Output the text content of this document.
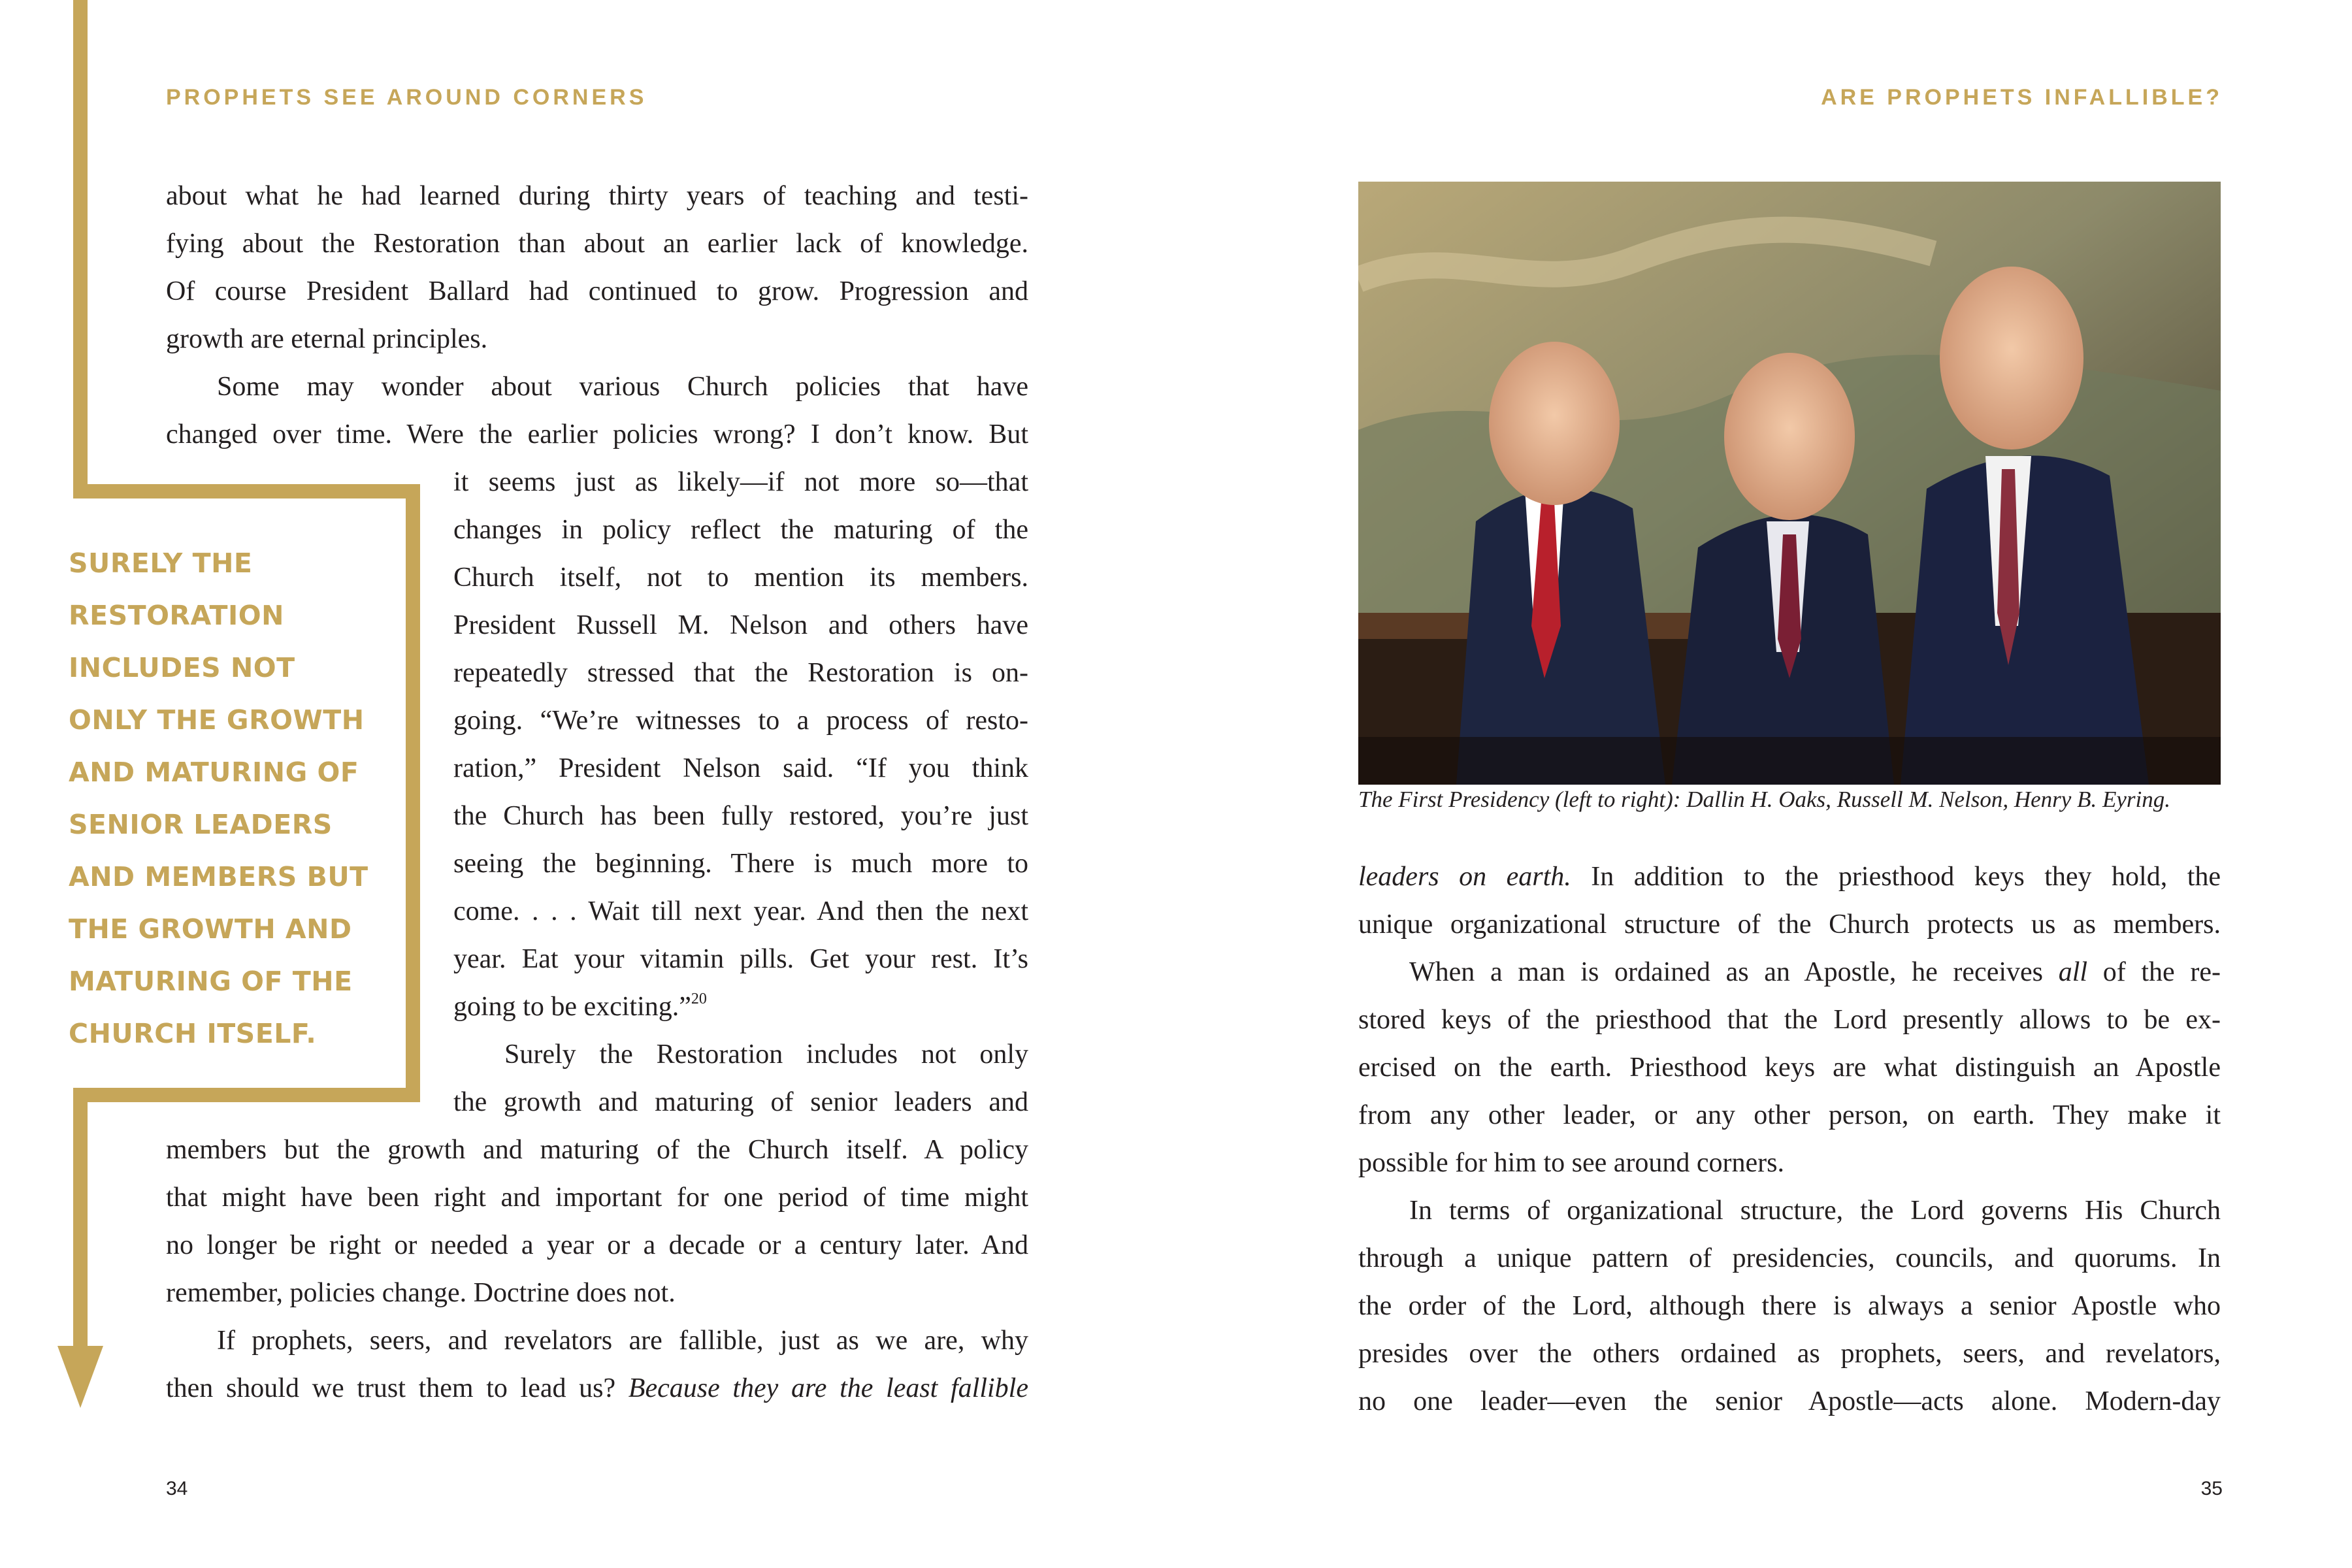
PROPHETS SEE AROUND CORNERS
about what he had learned during thirty years of teaching and testi-
fying about the Restoration than about an earlier lack of knowledge.
Of course President Ballard had continued to grow. Progression and
growth are eternal principles.
Some may wonder about various Church policies that have
changed over time. Were the earlier policies wrong? I don’t know. But
it seems just as likely—if not more so—that
changes in policy reflect the maturing of the
Church itself, not to mention its members.
President Russell M. Nelson and others have
repeatedly stressed that the Restoration is on-
going. “We’re witnesses to a process of resto-
ration,” President Nelson said. “If you think
the Church has been fully restored, you’re just
seeing the beginning. There is much more to
come. . . . Wait till next year. And then the next
year. Eat your vitamin pills. Get your rest. It’s
going to be exciting.”$^{20}$
Surely the Restoration includes not only
the growth and maturing of senior leaders and
members but the growth and maturing of the Church itself. A policy
that might have been right and important for one period of time might
no longer be right or needed a year or a decade or a century later. And
remember, policies change. Doctrine does not.
If prophets, seers, and revelators are fallible, just as we are, why
then should we trust them to lead us? Because they are the least fallible
SURELY THE
RESTORATION
INCLUDES NOT
ONLY THE GROWTH
AND MATURING OF
SENIOR LEADERS
AND MEMBERS BUT
THE GROWTH AND
MATURING OF THE
CHURCH ITSELF.
34
ARE PROPHETS INFALLIBLE?
The First Presidency (left to right): Dallin H. Oaks, Russell M. Nelson, Henry B. Eyring.
leaders on earth. In addition to the priesthood keys they hold, the
unique organizational structure of the Church protects us as members.
When a man is ordained as an Apostle, he receives all of the re-
stored keys of the priesthood that the Lord presently allows to be ex-
ercised on the earth. Priesthood keys are what distinguish an Apostle
from any other leader, or any other person, on earth. They make it
possible for him to see around corners.
In terms of organizational structure, the Lord governs His Church
through a unique pattern of presidencies, councils, and quorums. In
the order of the Lord, although there is always a senior Apostle who
presides over the others ordained as prophets, seers, and revelators,
no one leader—even the senior Apostle—acts alone. Modern-day
35
